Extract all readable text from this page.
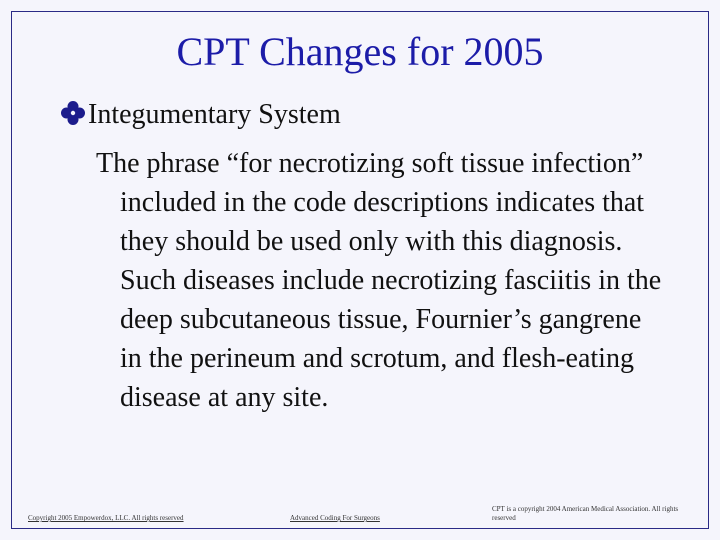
CPT Changes for 2005
Integumentary System
The phrase “for necrotizing soft tissue infection” included in the code descriptions indicates that they should be used only with this diagnosis. Such diseases include necrotizing fasciitis in the deep subcutaneous tissue, Fournier’s gangrene in the perineum and scrotum, and flesh-eating disease at any site.
Copyright 2005 Empowerdox, LLC. All rights reserved	Advanced Coding For Surgeons
CPT is a copyright 2004 American Medical Association. All rights reserved
